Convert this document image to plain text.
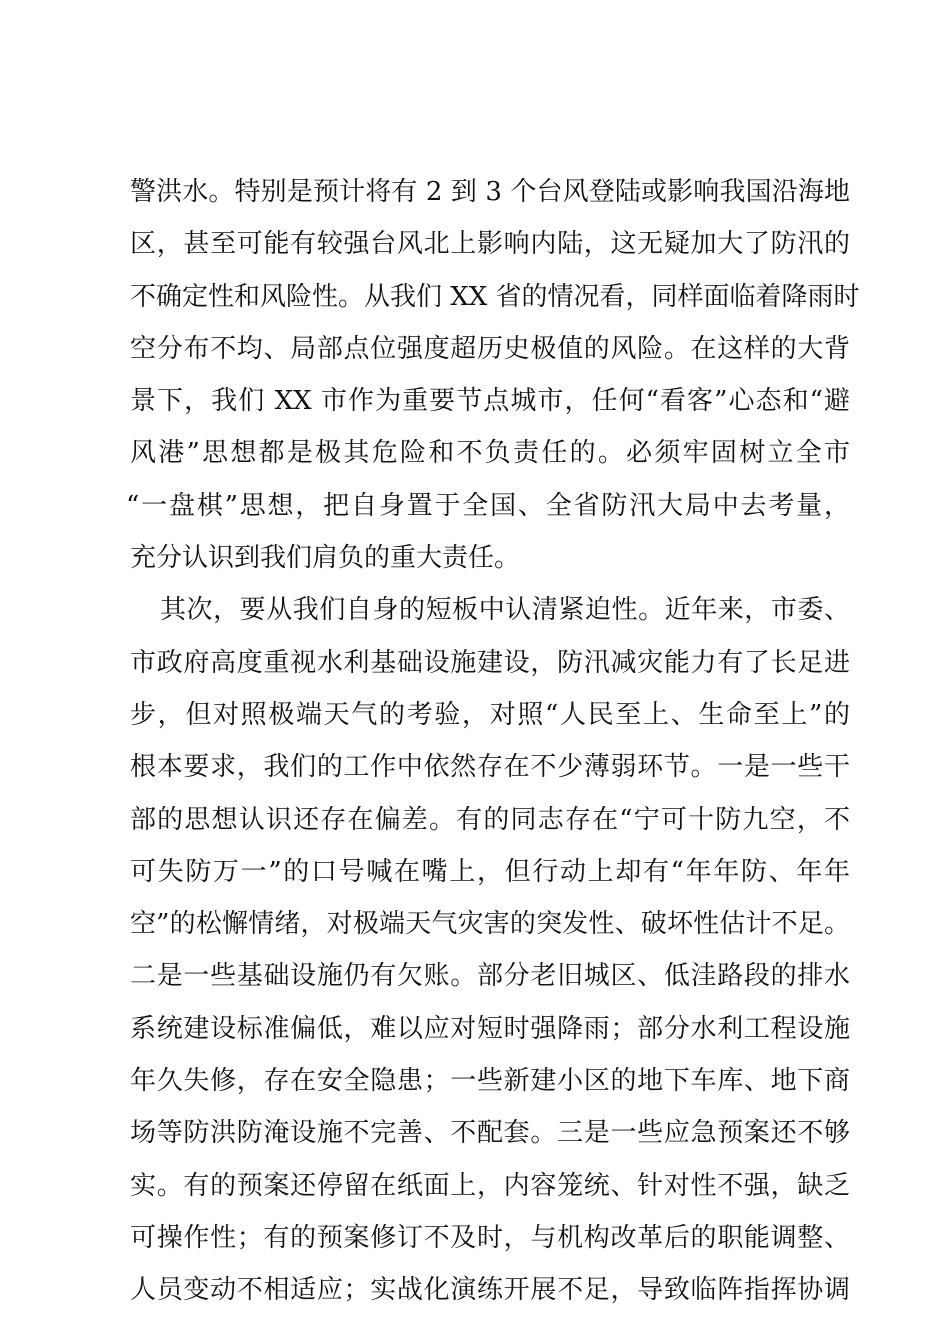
警洪水。特别是预计将有 2 到 3 个台风登陆或影响我国沿海地
区，甚至可能有较强台风北上影响内陆，这无疑加大了防汛的
不确定性和风险性。从我们 XX 省的情况看，同样面临着降雨时
空分布不均、局部点位强度超历史极值的风险。在这样的大背
景下，我们 XX 市作为重要节点城市，任何“看客”心态和“避
风港”思想都是极其危险和不负责任的。必须牢固树立全市
“一盘棋”思想，把自身置于全国、全省防汛大局中去考量，
充分认识到我们肩负的重大责任。
其次，要从我们自身的短板中认清紧迫性。近年来，市委、
市政府高度重视水利基础设施建设，防汛减灾能力有了长足进
步，但对照极端天气的考验，对照“人民至上、生命至上”的
根本要求，我们的工作中依然存在不少薄弱环节。一是一些干
部的思想认识还存在偏差。有的同志存在“宁可十防九空，不
可失防万一”的口号喊在嘴上，但行动上却有“年年防、年年
空”的松懈情绪，对极端天气灾害的突发性、破坏性估计不足。
二是一些基础设施仍有欠账。部分老旧城区、低洼路段的排水
系统建设标准偏低，难以应对短时强降雨；部分水利工程设施
年久失修，存在安全隐患；一些新建小区的地下车库、地下商
场等防洪防淹设施不完善、不配套。三是一些应急预案还不够
实。有的预案还停留在纸面上，内容笼统、针对性不强，缺乏
可操作性；有的预案修订不及时，与机构改革后的职能调整、
人员变动不相适应；实战化演练开展不足，导致临阵指挥协调
